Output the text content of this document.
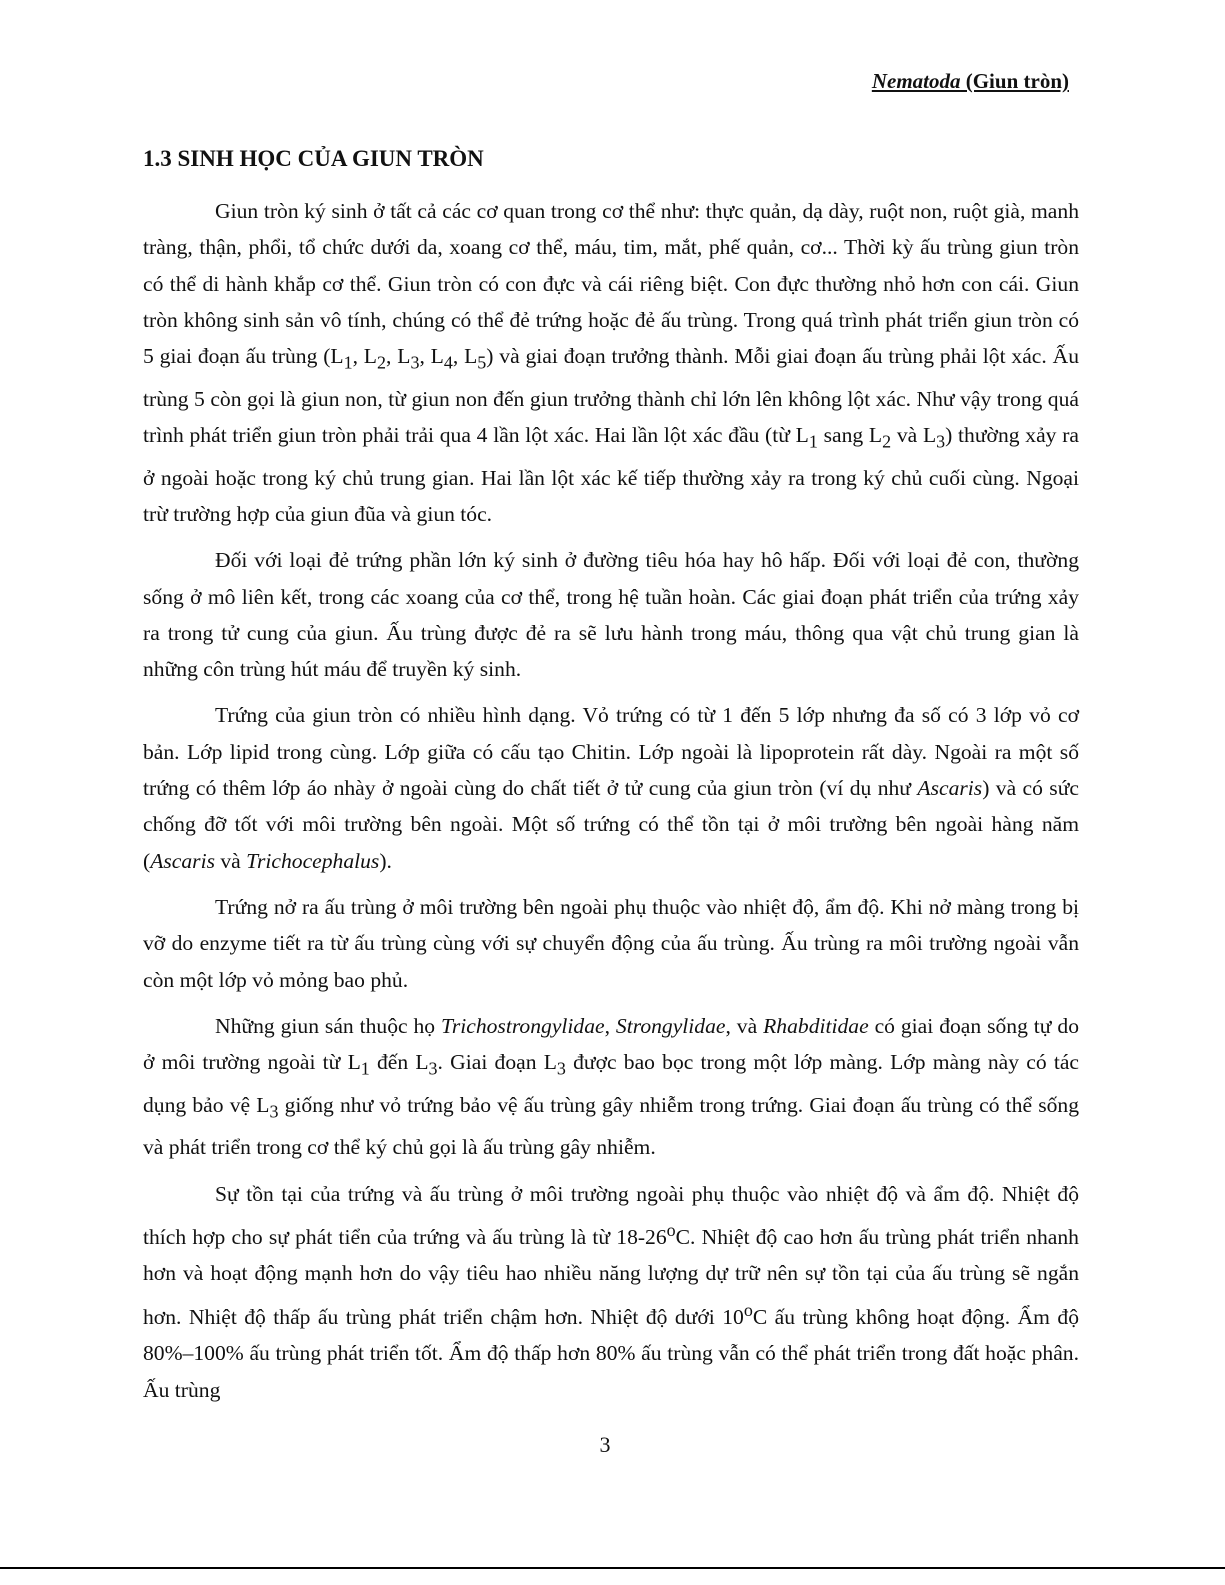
Nematoda (Giun tròn)
1.3 SINH HỌC CỦA GIUN TRÒN

Giun tròn ký sinh ở tất cả các cơ quan trong cơ thể như: thực quản, dạ dày, ruột non, ruột già, manh tràng, thận, phổi, tổ chức dưới da, xoang cơ thể, máu, tim, mắt, phế quản, cơ... Thời kỳ ấu trùng giun tròn có thể di hành khắp cơ thể. Giun tròn có con đực và cái riêng biệt. Con đực thường nhỏ hơn con cái. Giun tròn không sinh sản vô tính, chúng có thể đẻ trứng hoặc đẻ ấu trùng. Trong quá trình phát triển giun tròn có 5 giai đoạn ấu trùng ($L_1$, $L_2$, $L_3$, $L_4$, $L_5$) và giai đoạn trưởng thành. Mỗi giai đoạn ấu trùng phải lột xác. Ấu trùng 5 còn gọi là giun non, từ giun non đến giun trưởng thành chỉ lớn lên không lột xác. Như vậy trong quá trình phát triển giun tròn phải trải qua 4 lần lột xác. Hai lần lột xác đầu (từ $L_1$ sang $L_2$ và $L_3$) thường xảy ra ở ngoài hoặc trong ký chủ trung gian. Hai lần lột xác kế tiếp thường xảy ra trong ký chủ cuối cùng. Ngoại trừ trường hợp của giun đũa và giun tóc.

Đối với loại đẻ trứng phần lớn ký sinh ở đường tiêu hóa hay hô hấp. Đối với loại đẻ con, thường sống ở mô liên kết, trong các xoang của cơ thể, trong hệ tuần hoàn. Các giai đoạn phát triển của trứng xảy ra trong tử cung của giun. Ấu trùng được đẻ ra sẽ lưu hành trong máu, thông qua vật chủ trung gian là những côn trùng hút máu để truyền ký sinh.

Trứng của giun tròn có nhiều hình dạng. Vỏ trứng có từ 1 đến 5 lớp nhưng đa số có 3 lớp vỏ cơ bản. Lớp lipid trong cùng. Lớp giữa có cấu tạo Chitin. Lớp ngoài là lipoprotein rất dày. Ngoài ra một số trứng có thêm lớp áo nhày ở ngoài cùng do chất tiết ở tử cung của giun tròn (ví dụ như Ascaris) và có sức chống đỡ tốt với môi trường bên ngoài. Một số trứng có thể tồn tại ở môi trường bên ngoài hàng năm (Ascaris và Trichocephalus).

Trứng nở ra ấu trùng ở môi trường bên ngoài phụ thuộc vào nhiệt độ, ẩm độ. Khi nở màng trong bị vỡ do enzyme tiết ra từ ấu trùng cùng với sự chuyển động của ấu trùng. Ấu trùng ra môi trường ngoài vẫn còn một lớp vỏ mỏng bao phủ.

Những giun sán thuộc họ Trichostrongylidae, Strongylidae, và Rhabditidae có giai đoạn sống tự do ở môi trường ngoài từ $L_1$ đến $L_3$. Giai đoạn $L_3$ được bao bọc trong một lớp màng. Lớp màng này có tác dụng bảo vệ $L_3$ giống như vỏ trứng bảo vệ ấu trùng gây nhiễm trong trứng. Giai đoạn ấu trùng có thể sống và phát triển trong cơ thể ký chủ gọi là ấu trùng gây nhiễm.

Sự tồn tại của trứng và ấu trùng ở môi trường ngoài phụ thuộc vào nhiệt độ và ẩm độ. Nhiệt độ thích hợp cho sự phát tiển của trứng và ấu trùng là từ 18-26$^o$C. Nhiệt độ cao hơn ấu trùng phát triển nhanh hơn và hoạt động mạnh hơn do vậy tiêu hao nhiều năng lượng dự trữ nên sự tồn tại của ấu trùng sẽ ngắn hơn. Nhiệt độ thấp ấu trùng phát triển chậm hơn. Nhiệt độ dưới 10$^o$C ấu trùng không hoạt động. Ẩm độ 80%–100% ấu trùng phát triển tốt. Ẩm độ thấp hơn 80% ấu trùng vẫn có thể phát triển trong đất hoặc phân. Ấu trùng

3
